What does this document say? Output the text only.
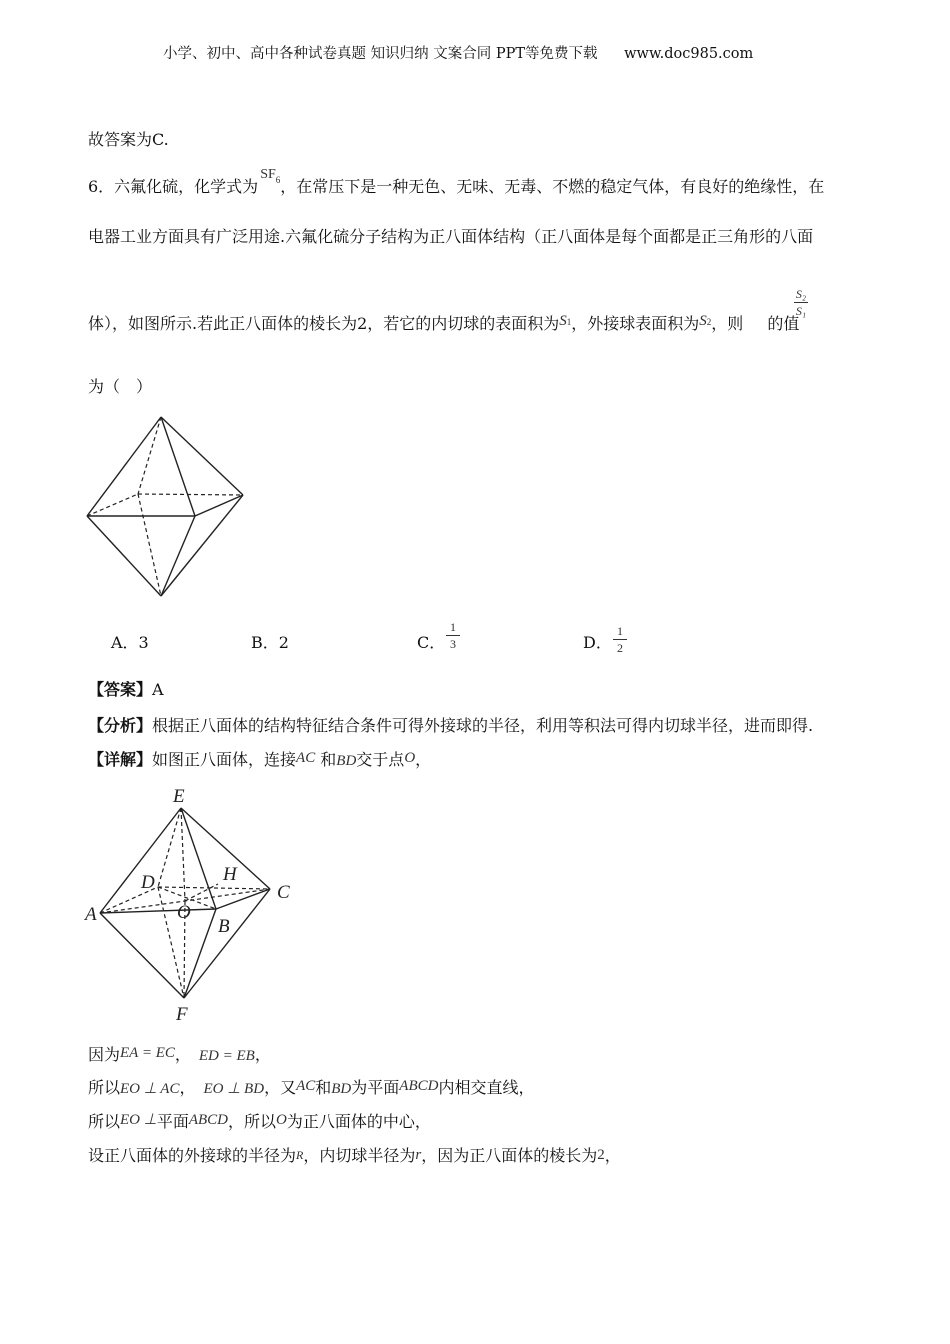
小学、初中、高中各种试卷真题 知识归纳 文案合同 PPT等免费下载 www.doc985.com
故答案为C.
6．六氟化硫，化学式为$SF_6$，在常压下是一种无色、无味、无毒、不燃的稳定气体，有良好的绝缘性，在
电器工业方面具有广泛用途.六氟化硫分子结构为正八面体结构（正八面体是每个面都是正三角形的八面
体），如图所示.若此正八面体的棱长为2，若它的内切球的表面积为S1，外接球表面积为S2，则 的值
S₂
S₁
为（　）
A．3	B．2	C．
1
3	D．
1
2
【答案】A
【分析】根据正八面体的结构特征结合条件可得外接球的半径，利用等积法可得内切球半径，进而即得.
【详解】如图正八面体，连接AC 和BD交于点O，
E
D	H
C
A	O
B
F
因为EA = EC， ED = EB，
所以EO ⊥ AC， EO ⊥ BD，又AC和BD为平面ABCD内相交直线，
所以EO ⊥平面ABCD，所以O为正八面体的中心，
设正八面体的外接球的半径为R，内切球半径为r，因为正八面体的棱长为2，
